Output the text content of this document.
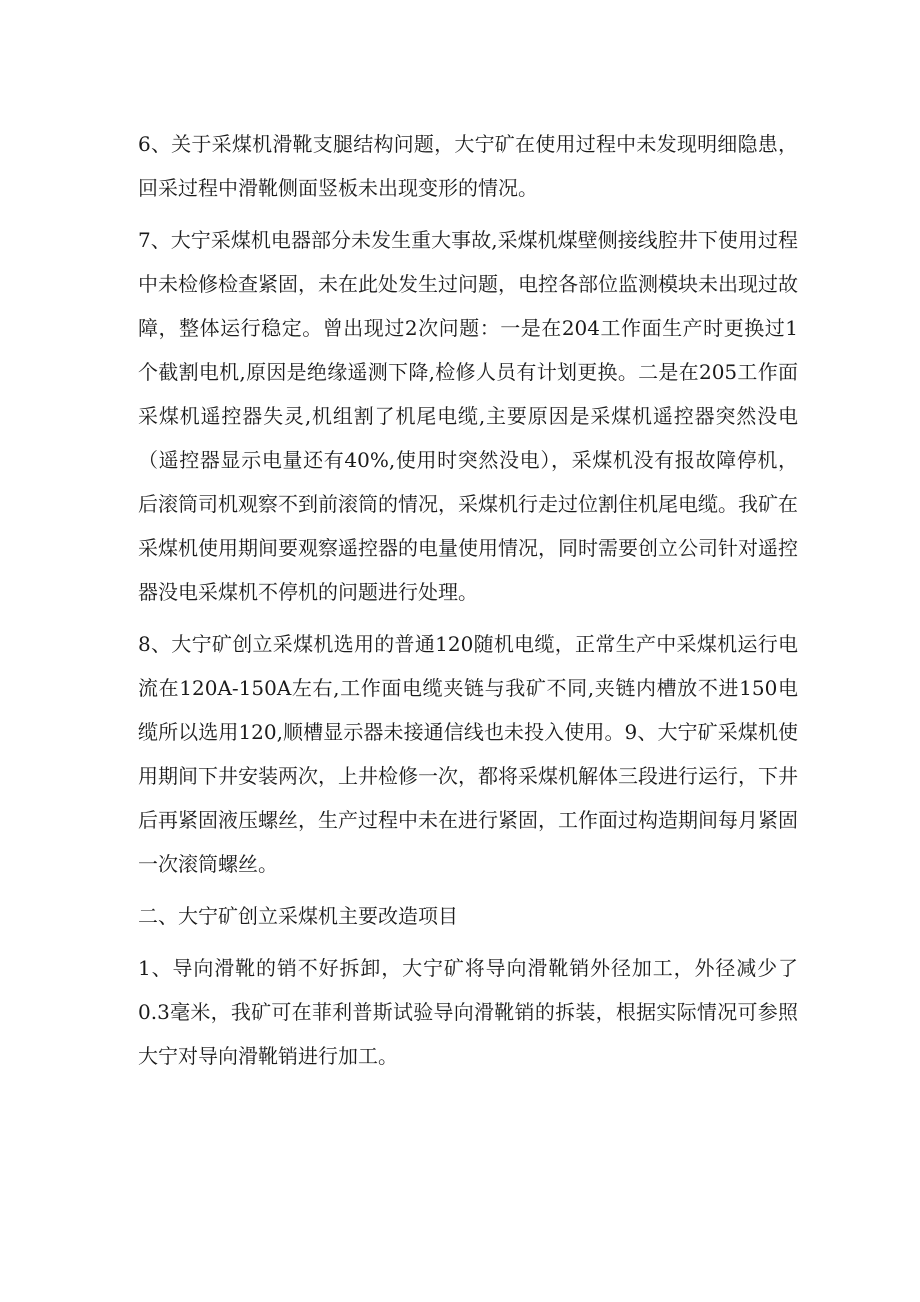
6、关于采煤机滑靴支腿结构问题，大宁矿在使用过程中未发现明细隐患，回采过程中滑靴侧面竖板未出现变形的情况。

7、大宁采煤机电器部分未发生重大事故,采煤机煤壁侧接线腔井下使用过程中未检修检查紧固，未在此处发生过问题，电控各部位监测模块未出现过故障，整体运行稳定。曾出现过2次问题：一是在204工作面生产时更换过1个截割电机,原因是绝缘遥测下降,检修人员有计划更换。二是在205工作面采煤机遥控器失灵,机组割了机尾电缆,主要原因是采煤机遥控器突然没电（遥控器显示电量还有40%,使用时突然没电），采煤机没有报故障停机，后滚筒司机观察不到前滚筒的情况，采煤机行走过位割住机尾电缆。我矿在采煤机使用期间要观察遥控器的电量使用情况，同时需要创立公司针对遥控器没电采煤机不停机的问题进行处理。

8、大宁矿创立采煤机选用的普通120随机电缆，正常生产中采煤机运行电流在120A-150A左右,工作面电缆夹链与我矿不同,夹链内槽放不进150电缆所以选用120,顺槽显示器未接通信线也未投入使用。9、大宁矿采煤机使用期间下井安装两次，上井检修一次，都将采煤机解体三段进行运行，下井后再紧固液压螺丝，生产过程中未在进行紧固，工作面过构造期间每月紧固一次滚筒螺丝。

二、大宁矿创立采煤机主要改造项目

1、导向滑靴的销不好拆卸，大宁矿将导向滑靴销外径加工，外径减少了0.3毫米，我矿可在菲利普斯试验导向滑靴销的拆装，根据实际情况可参照大宁对导向滑靴销进行加工。
